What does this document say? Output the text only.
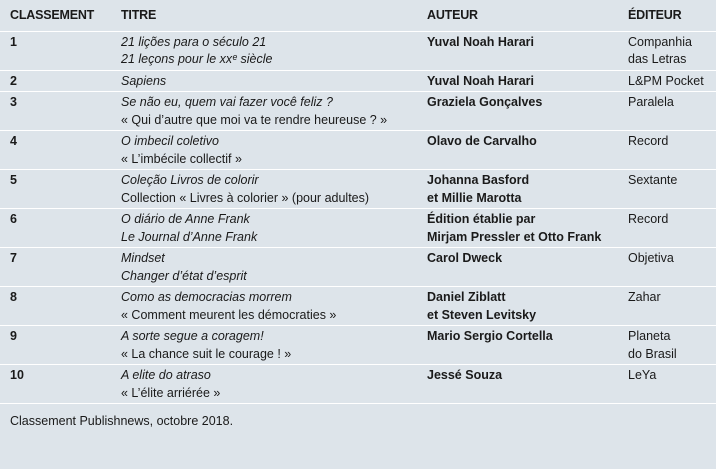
CLASSEMENT	TITRE	AUTEUR	ÉDITEUR
1	21 lições para o século 21
21 leçons pour le xxᵉ siècle	Yuval Noah Harari	Companhia
das Letras

2	Sapiens	Yuval Noah Harari	L&PM Pocket

3	Se não eu, quem vai fazer você feliz ?
« Qui d’autre que moi va te rendre heureuse ? »	Graziela Gonçalves	Paralela

4	O imbecil coletivo
« L’imbécile collectif »	Olavo de Carvalho	Record

5	Coleção Livros de colorir
Collection « Livres à colorier » (pour adultes)	Johanna Basford
et Millie Marotta	Sextante

6	O diário de Anne Frank
Le Journal d’Anne Frank	Édition établie par
Mirjam Pressler et Otto Frank	Record

7	Mindset
Changer d’état d’esprit	Carol Dweck	Objetiva

8	Como as democracias morrem
« Comment meurent les démocraties »	Daniel Ziblatt
et Steven Levitsky	Zahar

9	A sorte segue a coragem!
« La chance suit le courage ! »	Mario Sergio Cortella	Planeta
do Brasil

10	A elite do atraso
« L’élite arriérée »	Jessé Souza	LeYa

Classement Publishnews, octobre 2018.			
